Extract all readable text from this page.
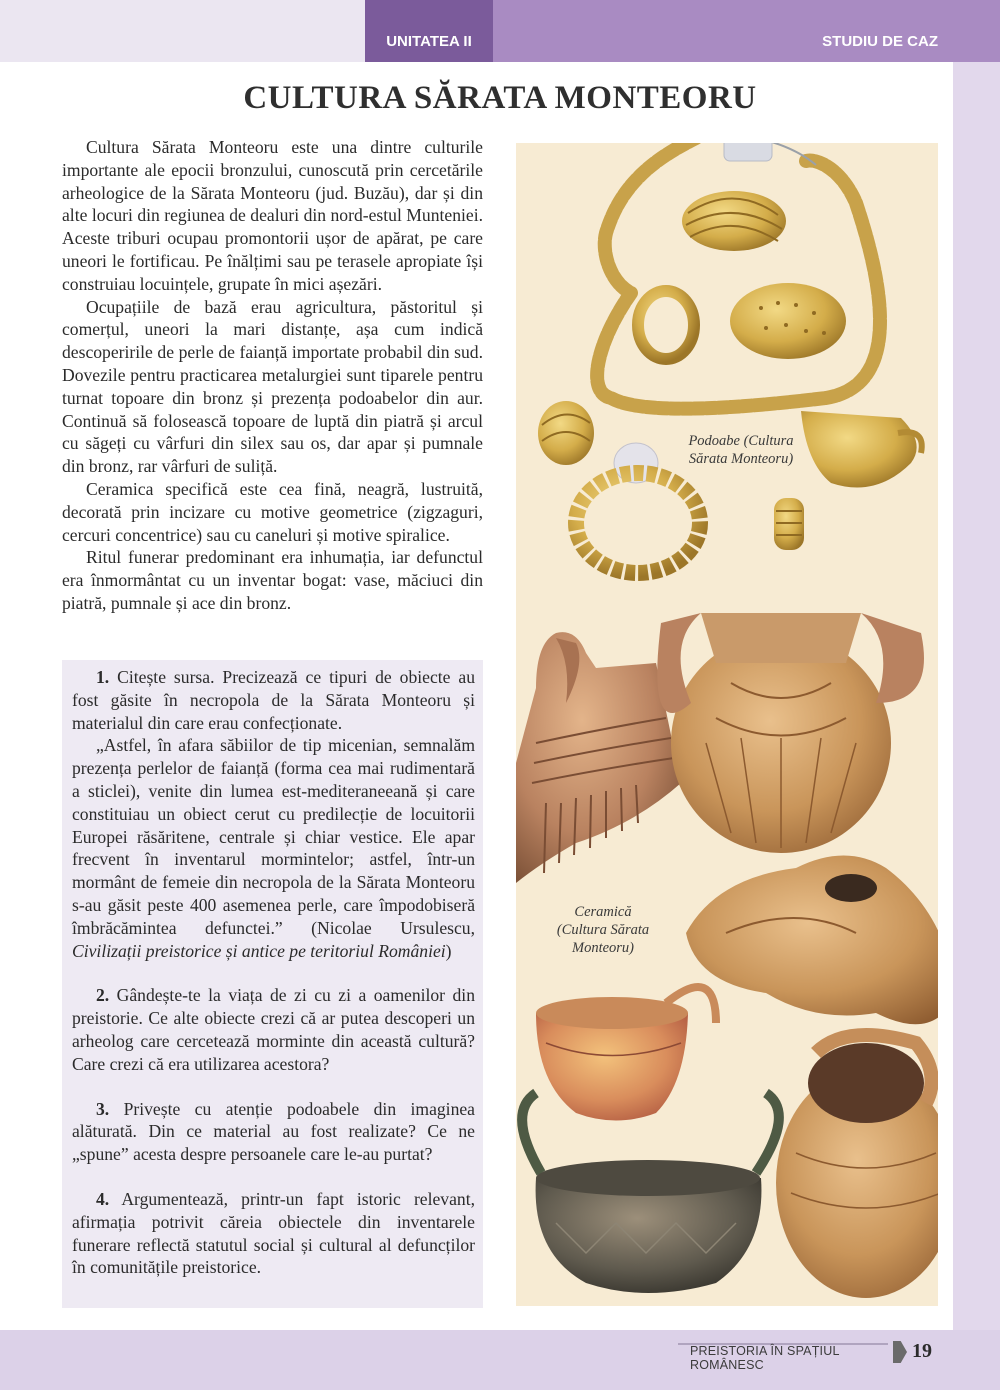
UNITATEA II	STUDIU DE CAZ
CULTURA SĂRATA MONTEORU

Cultura Sărata Monteoru este una dintre culturile importante ale epocii bronzului, cunoscută prin cercetările arheologice de la Sărata Monteoru (jud. Buzău), dar și din alte locuri din regiunea de dealuri din nord-estul Munteniei. Aceste triburi ocupau promontorii ușor de apărat, pe care uneori le fortificau. Pe înălțimi sau pe terasele apropiate își construiau locuințele, grupate în mici așezări.

Ocupațiile de bază erau agricultura, păstoritul și comerțul, uneori la mari distanțe, așa cum indică descoperirile de perle de faianță importate probabil din sud. Dovezile pentru practicarea metalurgiei sunt tiparele pentru turnat topoare din bronz și prezența podoabelor din aur. Continuă să folosească topoare de luptă din piatră și arcul cu săgeți cu vârfuri din silex sau os, dar apar și pumnale din bronz, rar vârfuri de suliță.

Ceramica specifică este cea fină, neagră, lustruită, decorată prin incizare cu motive geometrice (zigzaguri, cercuri concentrice) sau cu caneluri și motive spiralice.

Ritul funerar predominant era inhumația, iar defunctul era înmormântat cu un inventar bogat: vase, măciuci din piatră, pumnale și ace din bronz.

1. Citește sursa. Precizează ce tipuri de obiecte au fost găsite în necropola de la Sărata Monteoru și materialul din care erau confecționate.

„Astfel, în afara săbiilor de tip micenian, semnalăm prezența perlelor de faianță (forma cea mai rudimentară a sticlei), venite din lumea est-mediteraneeană și care constituiau un obiect cerut cu predilecție de locuitorii Europei răsăritene, centrale și chiar vestice. Ele apar frecvent în inventarul mormintelor; astfel, într-un mormânt de femeie din necropola de la Sărata Monteoru s-au găsit peste 400 asemenea perle, care împodobiseră îmbrăcămintea defunctei.” (Nicolae Ursulescu, Civilizații preistorice și antice pe teritoriul României)

2. Gândește-te la viața de zi cu zi a oamenilor din preistorie. Ce alte obiecte crezi că ar putea descoperi un arheolog care cercetează morminte din această cultură? Care crezi că era utilizarea acestora?

3. Privește cu atenție podoabele din imaginea alăturată. Din ce material au fost realizate? Ce ne „spune” acesta despre persoanele care le-au purtat?

4. Argumentează, printr-un fapt istoric relevant, afirmația potrivit căreia obiectele din inventarele funerare reflectă statutul social și cultural al defuncților în comunitățile preistorice.

Podoabe (Cultura
Sărata Monteoru)
Ceramică
(Cultura Sărata
Monteoru)
PREISTORIA ÎN SPAȚIUL ROMÂNESC
19
